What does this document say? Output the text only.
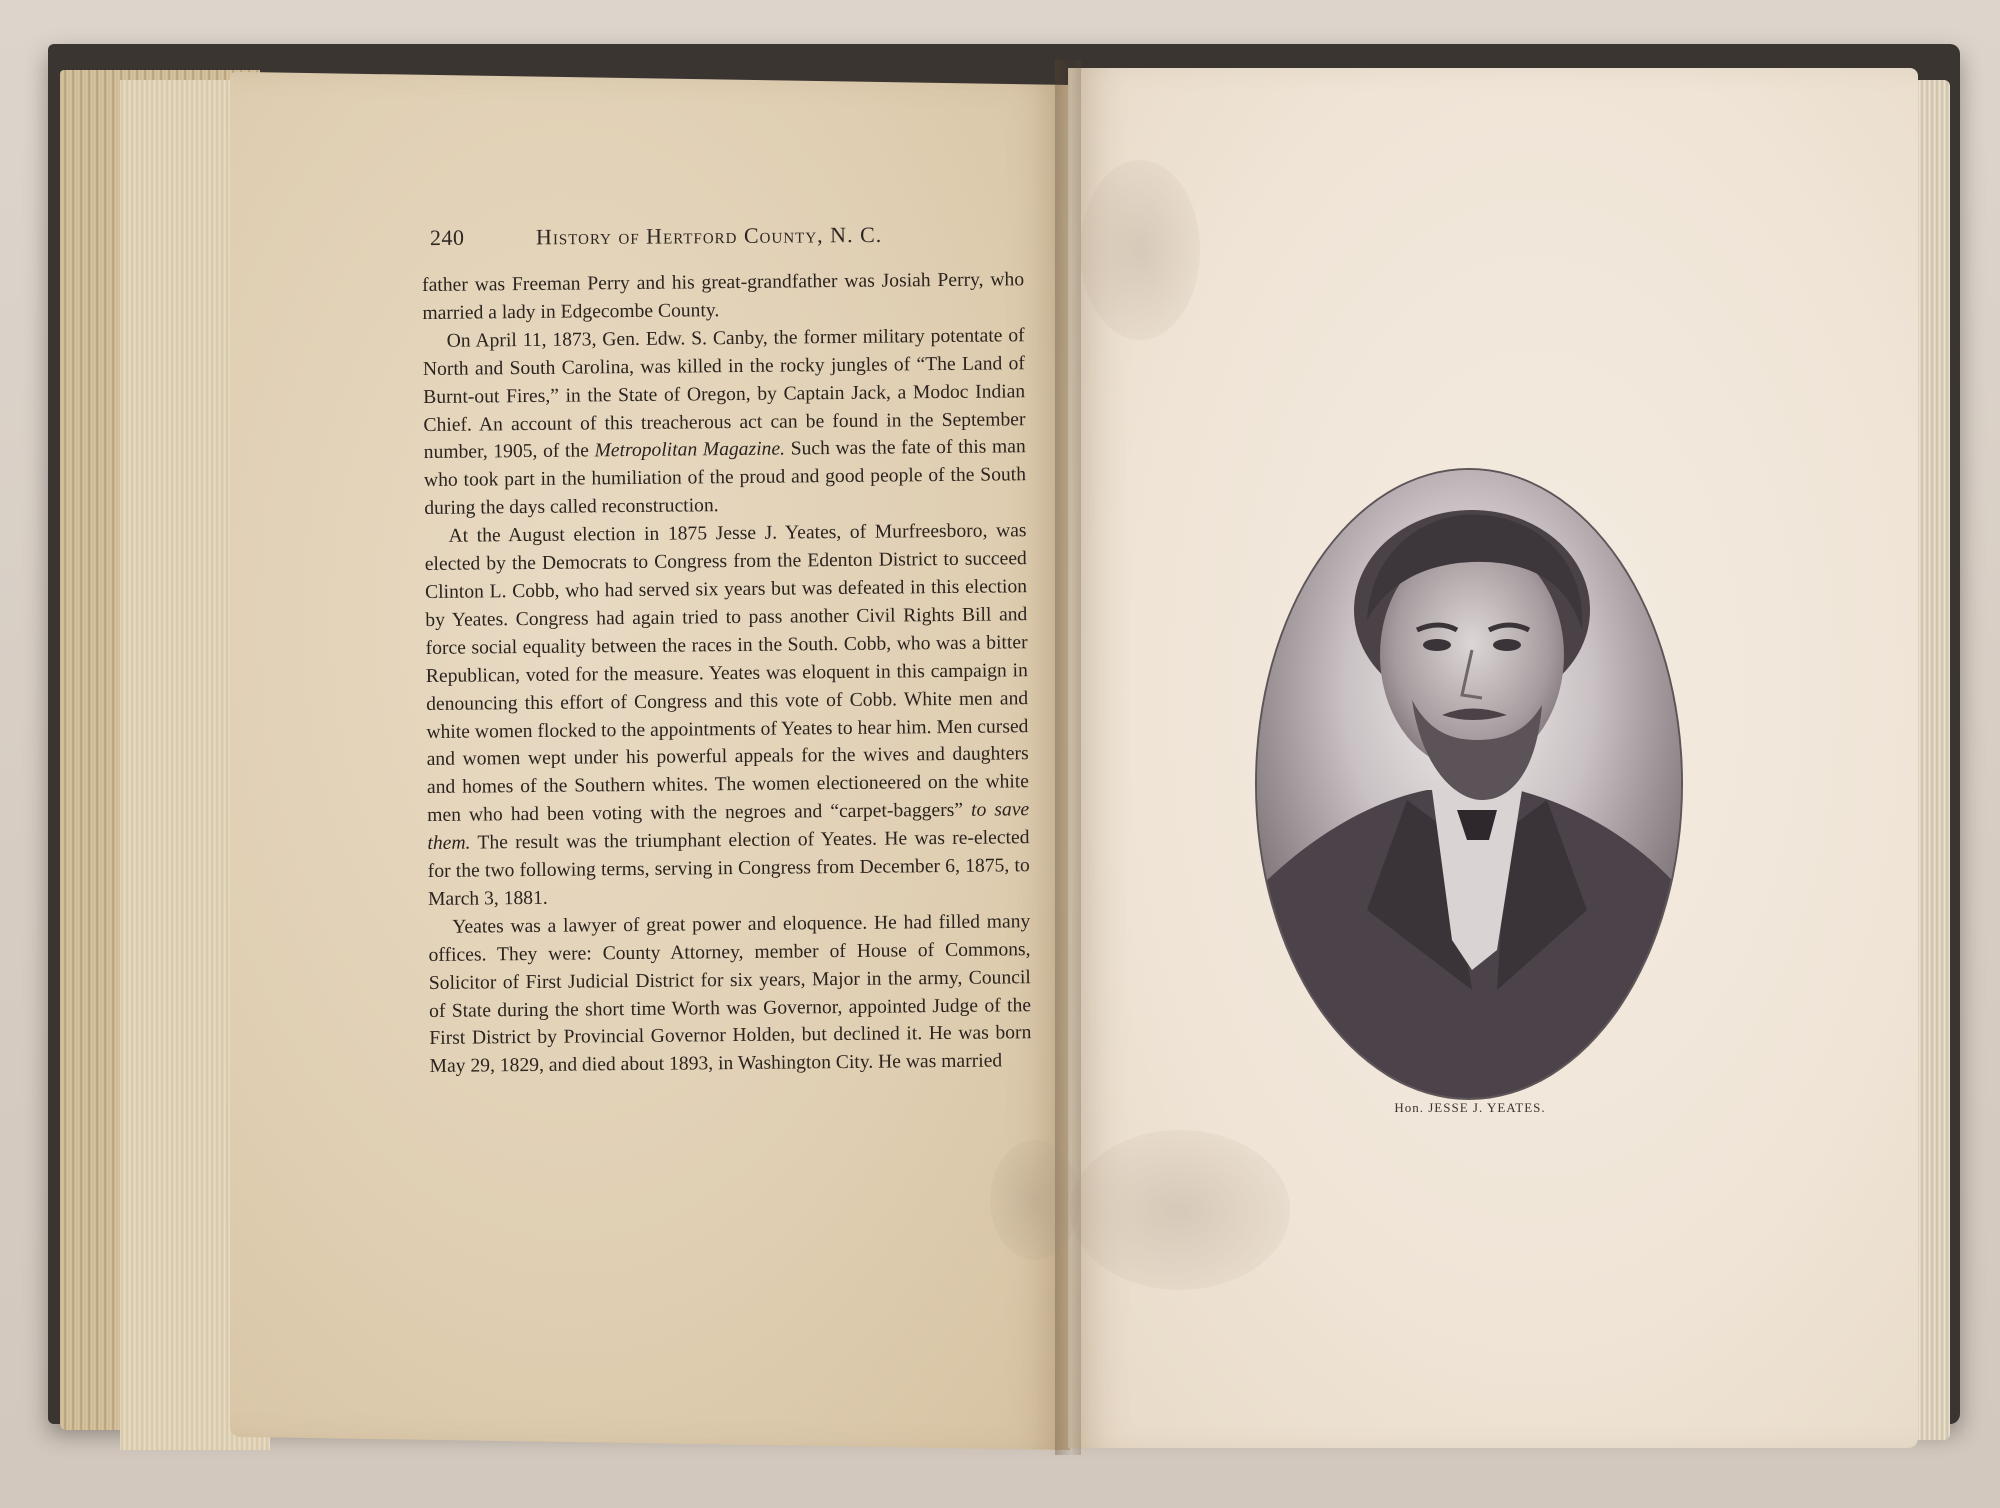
240	History of Hertford County, N. C.

father was Freeman Perry and his great-grandfather was Josiah Perry, who married a lady in Edgecombe County.

On April 11, 1873, Gen. Edw. S. Canby, the former military potentate of North and South Carolina, was killed in the rocky jungles of “The Land of Burnt-out Fires,” in the State of Oregon, by Captain Jack, a Modoc Indian Chief. An account of this treacherous act can be found in the September number, 1905, of the Metropolitan Magazine. Such was the fate of this man who took part in the humiliation of the proud and good people of the South during the days called reconstruction.

At the August election in 1875 Jesse J. Yeates, of Murfreesboro, was elected by the Democrats to Congress from the Edenton District to succeed Clinton L. Cobb, who had served six years but was defeated in this election by Yeates. Congress had again tried to pass another Civil Rights Bill and force social equality between the races in the South. Cobb, who was a bitter Republican, voted for the measure. Yeates was eloquent in this campaign in denouncing this effort of Congress and this vote of Cobb. White men and white women flocked to the appointments of Yeates to hear him. Men cursed and women wept under his powerful appeals for the wives and daughters and homes of the Southern whites. The women electioneered on the white men who had been voting with the negroes and “carpet-baggers” to save them. The result was the triumphant election of Yeates. He was re-elected for the two following terms, serving in Congress from December 6, 1875, to March 3, 1881.

Yeates was a lawyer of great power and eloquence. He had filled many offices. They were: County Attorney, member of House of Commons, Solicitor of First Judicial District for six years, Major in the army, Council of State during the short time Worth was Governor, appointed Judge of the First District by Provincial Governor Holden, but declined it. He was born May 29, 1829, and died about 1893, in Washington City. He was married

Hon. JESSE J. YEATES.
